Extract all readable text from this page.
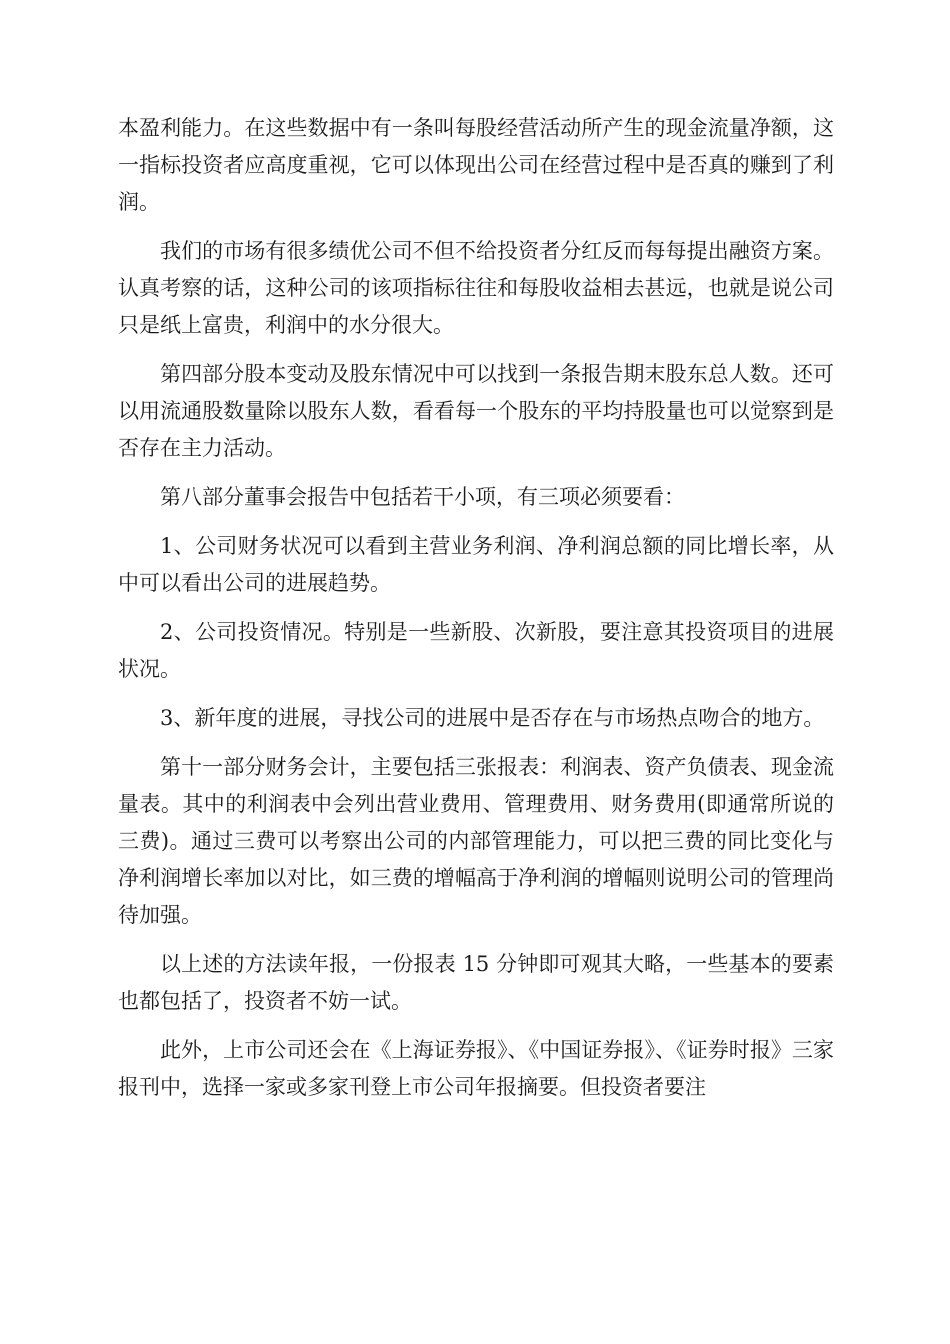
本盈利能力。在这些数据中有一条叫每股经营活动所产生的现金流量净额，这一指标投资者应高度重视，它可以体现出公司在经营过程中是否真的赚到了利润。

我们的市场有很多绩优公司不但不给投资者分红反而每每提出融资方案。认真考察的话，这种公司的该项指标往往和每股收益相去甚远，也就是说公司只是纸上富贵，利润中的水分很大。

第四部分股本变动及股东情况中可以找到一条报告期末股东总人数。还可以用流通股数量除以股东人数，看看每一个股东的平均持股量也可以觉察到是否存在主力活动。

第八部分董事会报告中包括若干小项，有三项必须要看：

1、公司财务状况可以看到主营业务利润、净利润总额的同比增长率，从中可以看出公司的进展趋势。

2、公司投资情况。特别是一些新股、次新股，要注意其投资项目的进展状况。

3、新年度的进展，寻找公司的进展中是否存在与市场热点吻合的地方。

第十一部分财务会计，主要包括三张报表：利润表、资产负债表、现金流量表。其中的利润表中会列出营业费用、管理费用、财务费用(即通常所说的三费)。通过三费可以考察出公司的内部管理能力，可以把三费的同比变化与净利润增长率加以对比，如三费的增幅高于净利润的增幅则说明公司的管理尚待加强。

以上述的方法读年报，一份报表 15 分钟即可观其大略，一些基本的要素也都包括了，投资者不妨一试。

此外，上市公司还会在《上海证券报》、《中国证券报》、《证券时报》三家报刊中，选择一家或多家刊登上市公司年报摘要。但投资者要注
